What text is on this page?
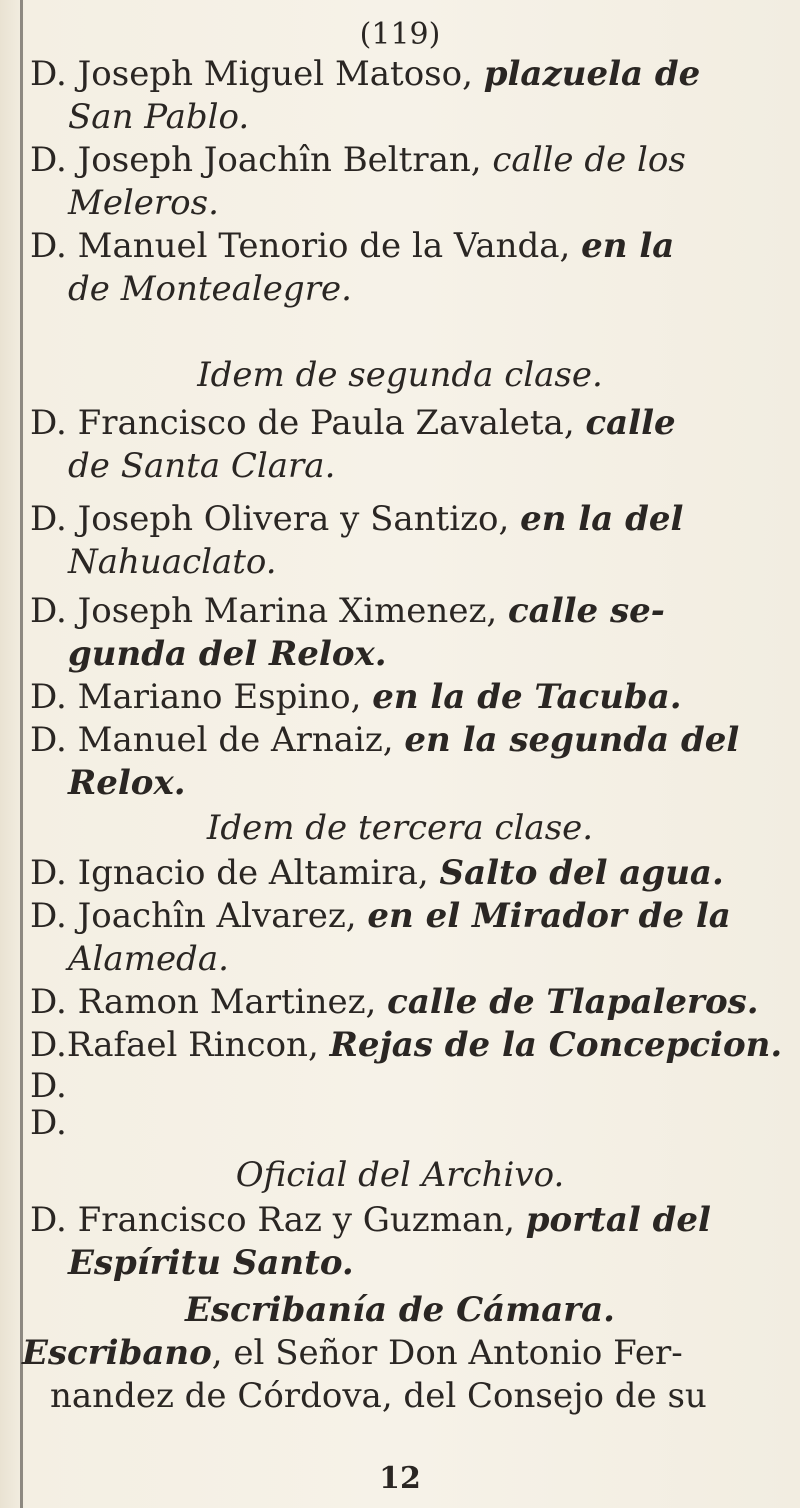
(119)
D. Joseph Miguel Matoso, plazuela de
San Pablo.
D. Joseph Joachîn Beltran, calle de los
Meleros.
D. Manuel Tenorio de la Vanda, en la
de Montealegre.
Idem de segunda clase.
D. Francisco de Paula Zavaleta, calle
de Santa Clara.
D. Joseph Olivera y Santizo, en la del
Nahuaclato.
D. Joseph Marina Ximenez, calle se-
gunda del Relox.
D. Mariano Espino, en la de Tacuba.
D. Manuel de Arnaiz, en la segunda del
Relox.
Idem de tercera clase.
D. Ignacio de Altamira, Salto del agua.
D. Joachîn Alvarez, en el Mirador de la
Alameda.
D. Ramon Martinez, calle de Tlapaleros.
D.Rafael Rincon, Rejas de la Concepcion.
D.
D.
Oficial del Archivo.
D. Francisco Raz y Guzman, portal del
Espíritu Santo.
Escribanía de Cámara.
Escribano, el Señor Don Antonio Fer-
nandez de Córdova, del Consejo de su
12
